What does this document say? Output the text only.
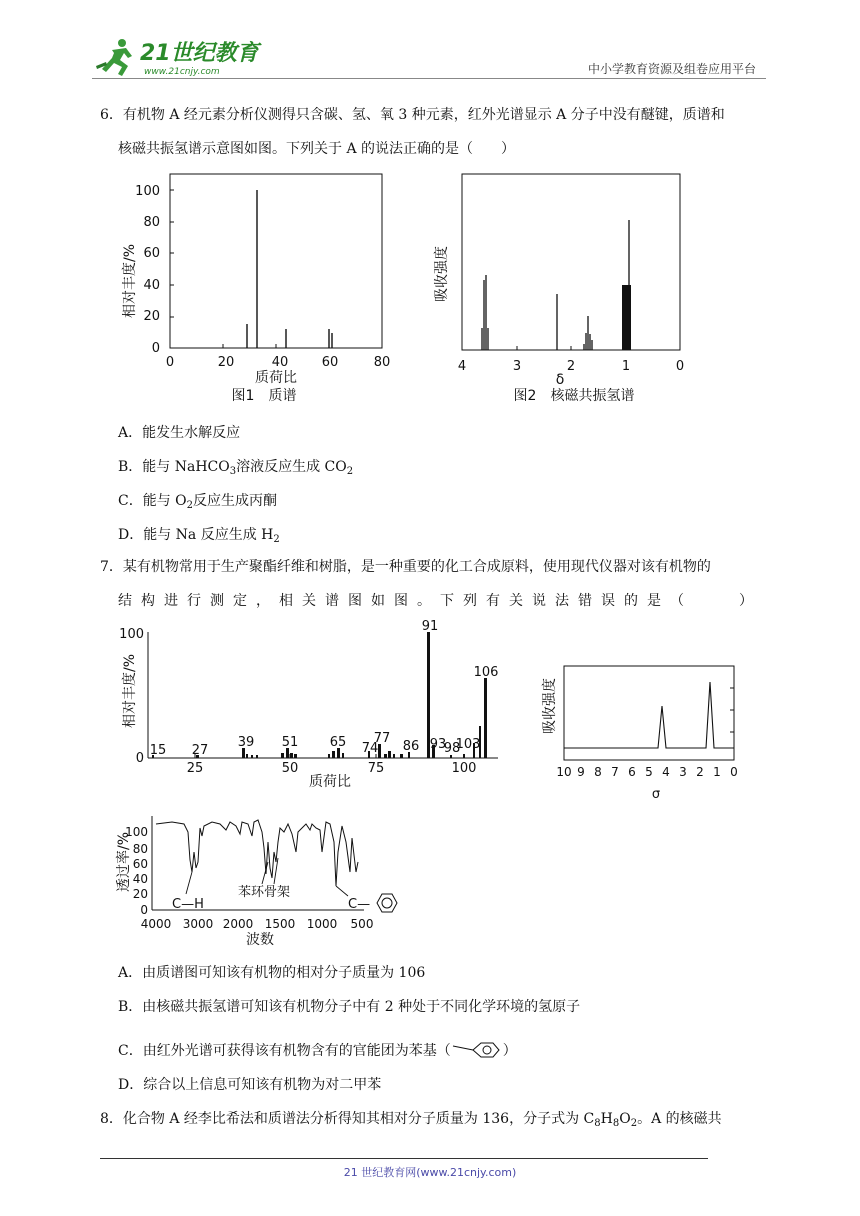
21世纪教育
www.21cnjy.com	中小学教育资源及组卷应用平台
6．有机物 A 经元素分析仪测得只含碳、氢、氧 3 种元素，红外光谱显示 A 分子中没有醚键，质谱和
核磁共振氢谱示意图如图。下列关于 A 的说法正确的是（　　）
0
20
40
60
80
100
0	20	40	60	80
相对丰度/%
质荷比
图1　质谱
4	3	2	1	0
δ
吸收强度
图2　核磁共振氢谱
A．能发生水解反应
B．能与 NaHCO$_3$溶液反应生成 $CO_2$
C．能与 $O_2$反应生成丙酮
D．能与 Na 反应生成 $H_2$
7．某有机物常用于生产聚酯纤维和树脂，是一种重要的化工合成原料，使用现代仪器对该有机物的
结构进行测定，相关谱图如图。下列有关说法错误的是（　　）
100
0
25	50	75	100
15 27
39 51 65 74
77
86
91
93
98
103
106
相对丰度/%
质荷比
10 9 8 7 6 5 4 3 2 1 0
吸收强度
σ
0
20
40
60
80
100
4000 3000 2000 1500 1000 500
C—H
苯环骨架
C—
透过率/%
波数
A．由质谱图可知该有机物的相对分子质量为 106
B．由核磁共振氢谱可知该有机物分子中有 2 种处于不同化学环境的氢原子
C．由红外光谱可获得该有机物含有的官能团为苯基（	）
D．综合以上信息可知该有机物为对二甲苯
8．化合物 A 经李比希法和质谱法分析得知其相对分子质量为 136，分子式为 $C_8H_8O_2$。A 的核磁共
21 世纪教育网(www.21cnjy.com)
